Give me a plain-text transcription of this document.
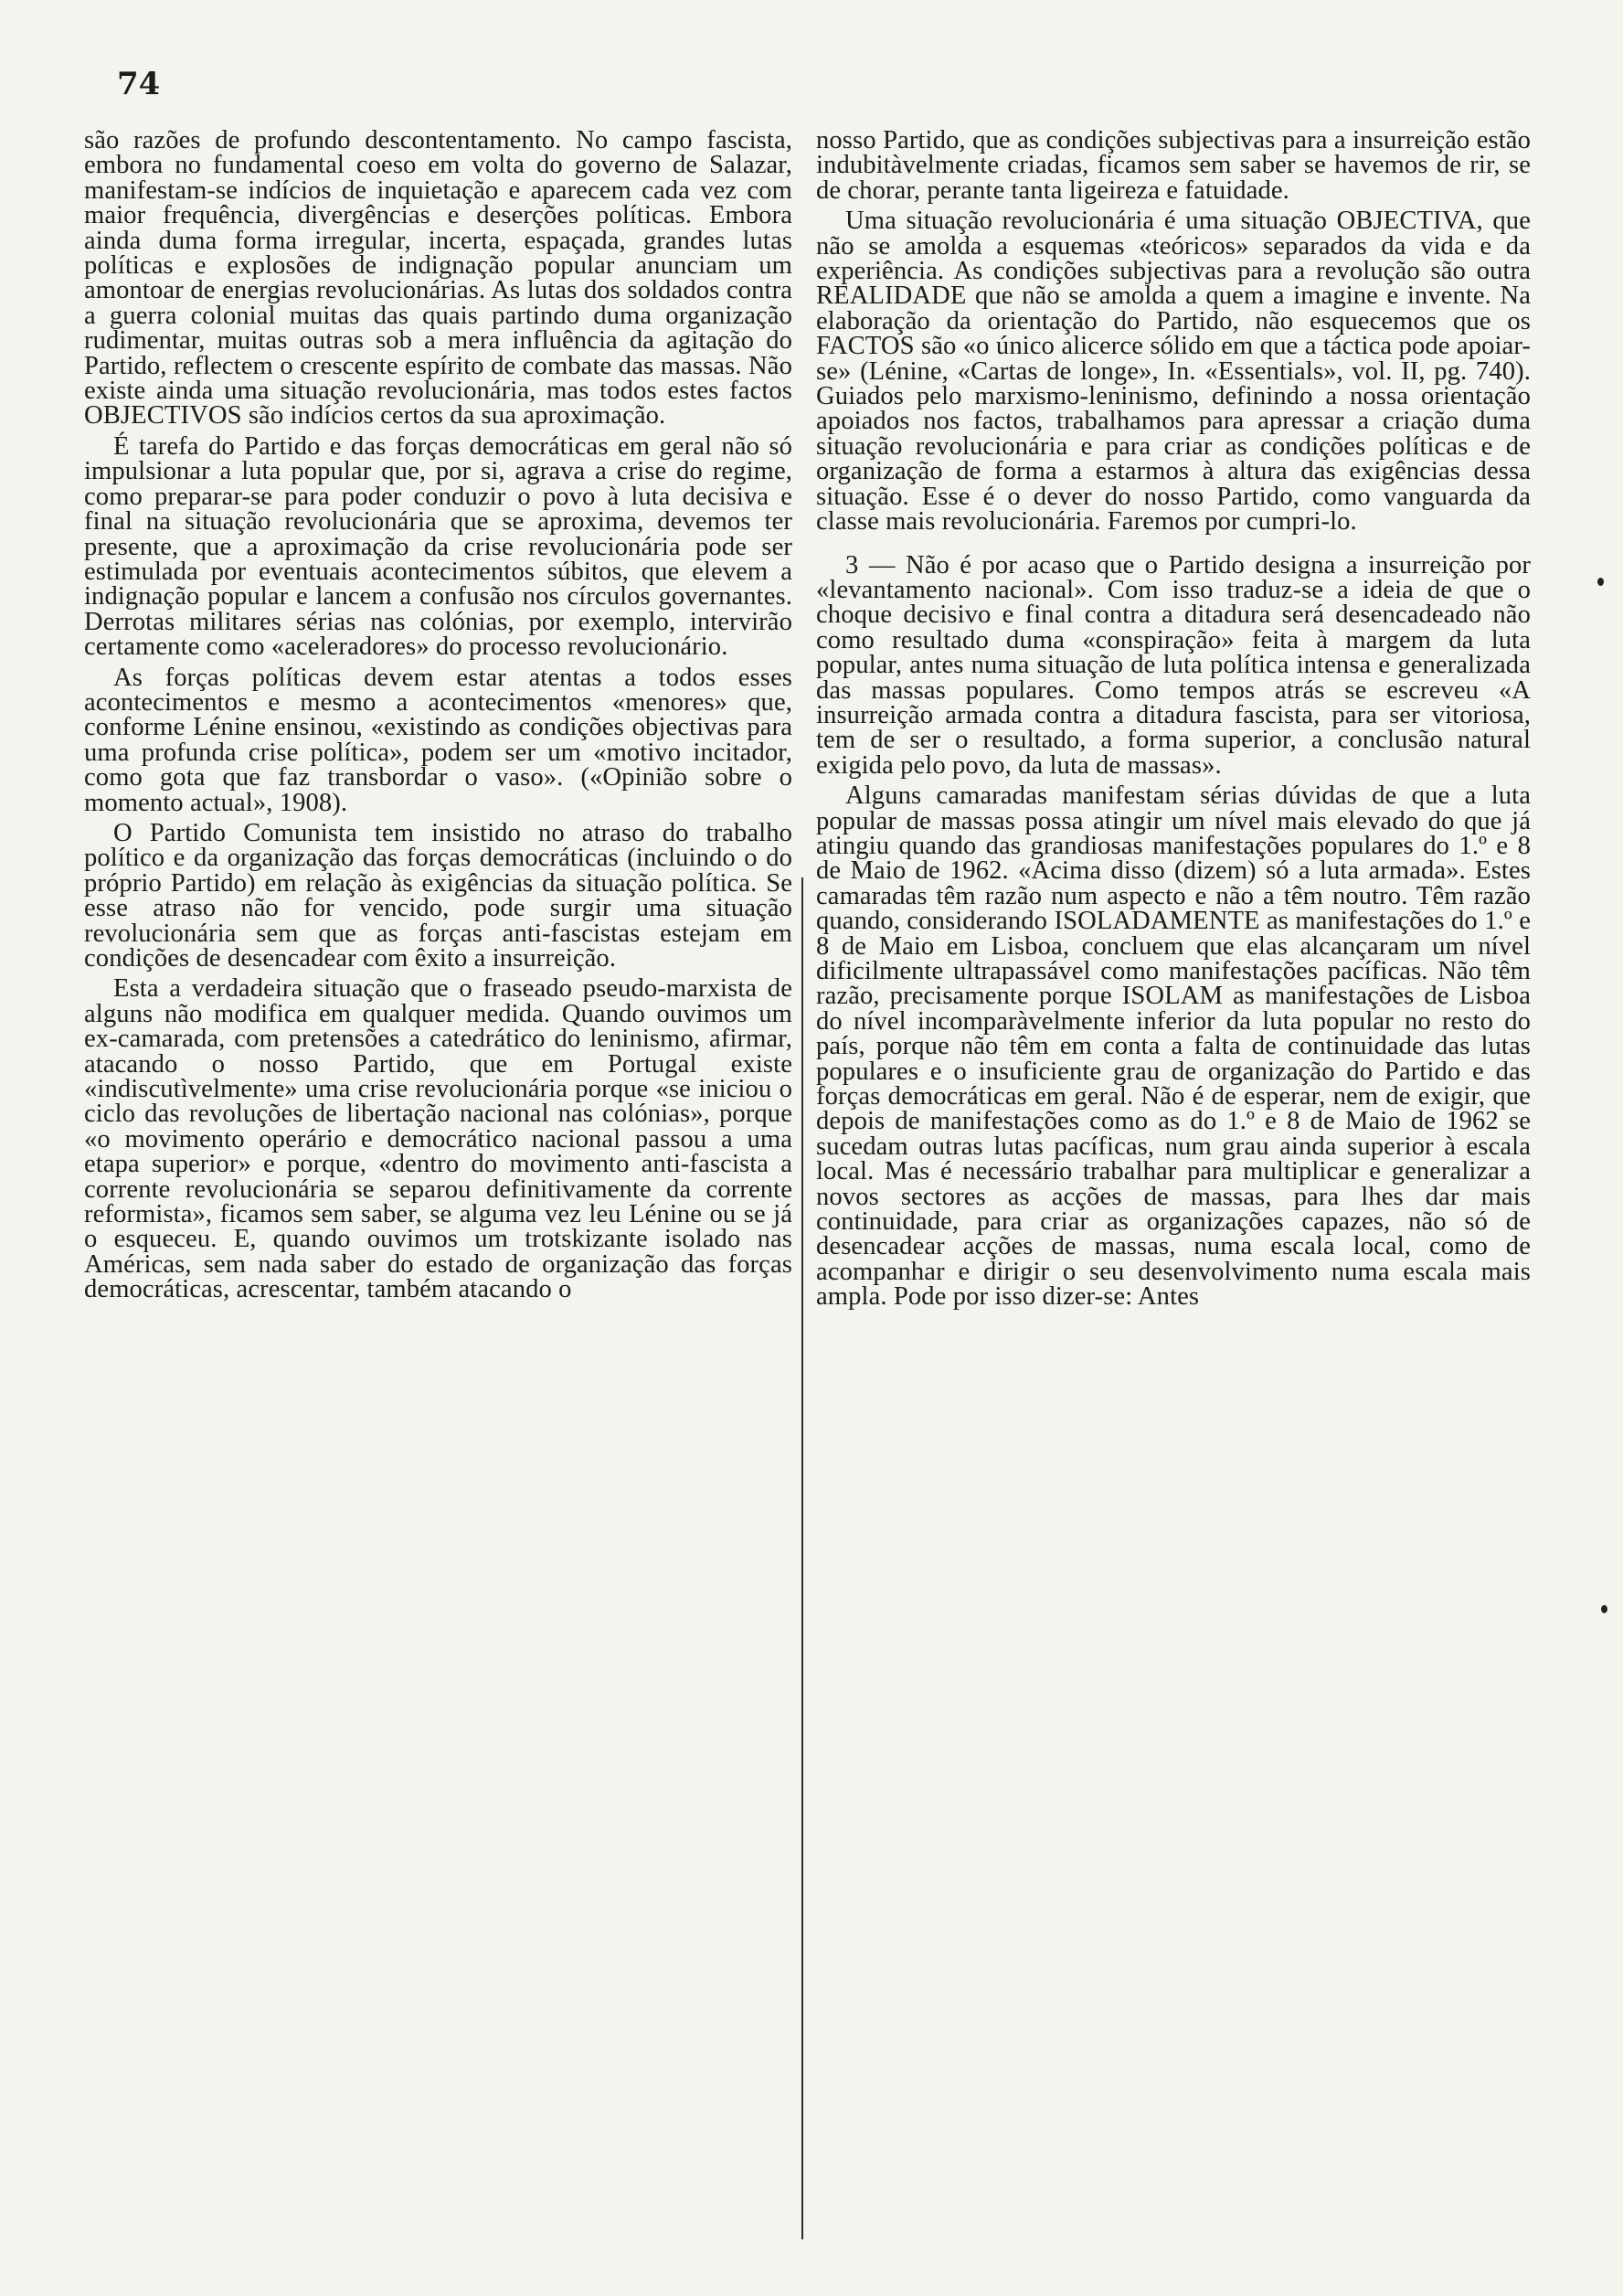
74

são razões de profundo descontentamento. No campo fascista, embora no fundamental coeso em volta do governo de Salazar, manifestam-se indícios de inquietação e aparecem cada vez com maior frequência, divergências e deserções políticas. Embora ainda duma forma irregular, incerta, espaçada, grandes lutas políticas e explosões de indignação popular anunciam um amontoar de energias revolucionárias. As lutas dos soldados contra a guerra colonial muitas das quais partindo duma organização rudimentar, muitas outras sob a mera influência da agitação do Partido, reflectem o crescente espírito de combate das massas. Não existe ainda uma situação revolucionária, mas todos estes factos OBJECTIVOS são indícios certos da sua aproximação.

É tarefa do Partido e das forças democráticas em geral não só impulsionar a luta popular que, por si, agrava a crise do regime, como preparar-se para poder conduzir o povo à luta decisiva e final na situação revolucionária que se aproxima, devemos ter presente, que a aproximação da crise revolucionária pode ser estimulada por eventuais acontecimentos súbitos, que elevem a indignação popular e lancem a confusão nos círculos governantes. Derrotas militares sérias nas colónias, por exemplo, intervirão certamente como «aceleradores» do processo revolucionário.

As forças políticas devem estar atentas a todos esses acontecimentos e mesmo a acontecimentos «menores» que, conforme Lénine ensinou, «existindo as condições objectivas para uma profunda crise política», podem ser um «motivo incitador, como gota que faz transbordar o vaso». («Opinião sobre o momento actual», 1908).

O Partido Comunista tem insistido no atraso do trabalho político e da organização das forças democráticas (incluindo o do próprio Partido) em relação às exigências da situação política. Se esse atraso não for vencido, pode surgir uma situação revolucionária sem que as forças anti-fascistas estejam em condições de desencadear com êxito a insurreição.

Esta a verdadeira situação que o fraseado pseudo-marxista de alguns não modifica em qualquer medida. Quando ouvimos um ex-camarada, com pretensões a catedrático do leninismo, afirmar, atacando o nosso Partido, que em Portugal existe «indiscutìvelmente» uma crise revolucionária porque «se iniciou o ciclo das revoluções de libertação nacional nas colónias», porque «o movimento operário e democrático nacional passou a uma etapa superior» e porque, «dentro do movimento anti-fascista a corrente revolucionária se separou definitivamente da corrente reformista», ficamos sem saber, se alguma vez leu Lénine ou se já o esqueceu. E, quando ouvimos um trotskizante isolado nas Américas, sem nada saber do estado de organização das forças democráticas, acrescentar, também atacando o

nosso Partido, que as condições subjectivas para a insurreição estão indubitàvelmente criadas, ficamos sem saber se havemos de rir, se de chorar, perante tanta ligeireza e fatuidade.

Uma situação revolucionária é uma situação OBJECTIVA, que não se amolda a esquemas «teóricos» separados da vida e da experiência. As condições subjectivas para a revolução são outra REALIDADE que não se amolda a quem a imagine e invente. Na elaboração da orientação do Partido, não esquecemos que os FACTOS são «o único alicerce sólido em que a táctica pode apoiar-se» (Lénine, «Cartas de longe», In. «Essentials», vol. II, pg. 740). Guiados pelo marxismo-leninismo, definindo a nossa orientação apoiados nos factos, trabalhamos para apressar a criação duma situação revolucionária e para criar as condições políticas e de organização de forma a estarmos à altura das exigências dessa situação. Esse é o dever do nosso Partido, como vanguarda da classe mais revolucionária. Faremos por cumpri-lo.

3 — Não é por acaso que o Partido designa a insurreição por «levantamento nacional». Com isso traduz-se a ideia de que o choque decisivo e final contra a ditadura será desencadeado não como resultado duma «conspiração» feita à margem da luta popular, antes numa situação de luta política intensa e generalizada das massas populares. Como tempos atrás se escreveu «A insurreição armada contra a ditadura fascista, para ser vitoriosa, tem de ser o resultado, a forma superior, a conclusão natural exigida pelo povo, da luta de massas».

Alguns camaradas manifestam sérias dúvidas de que a luta popular de massas possa atingir um nível mais elevado do que já atingiu quando das grandiosas manifestações populares do 1.º e 8 de Maio de 1962. «Acima disso (dizem) só a luta armada». Estes camaradas têm razão num aspecto e não a têm noutro. Têm razão quando, considerando ISOLADAMENTE as manifestações do 1.º e 8 de Maio em Lisboa, concluem que elas alcançaram um nível dificilmente ultrapassável como manifestações pacíficas. Não têm razão, precisamente porque ISOLAM as manifestações de Lisboa do nível incomparàvelmente inferior da luta popular no resto do país, porque não têm em conta a falta de continuidade das lutas populares e o insuficiente grau de organização do Partido e das forças democráticas em geral. Não é de esperar, nem de exigir, que depois de manifestações como as do 1.º e 8 de Maio de 1962 se sucedam outras lutas pacíficas, num grau ainda superior à escala local. Mas é necessário trabalhar para multiplicar e generalizar a novos sectores as acções de massas, para lhes dar mais continuidade, para criar as organizações capazes, não só de desencadear acções de massas, numa escala local, como de acompanhar e dirigir o seu desenvolvimento numa escala mais ampla. Pode por isso dizer-se: Antes
